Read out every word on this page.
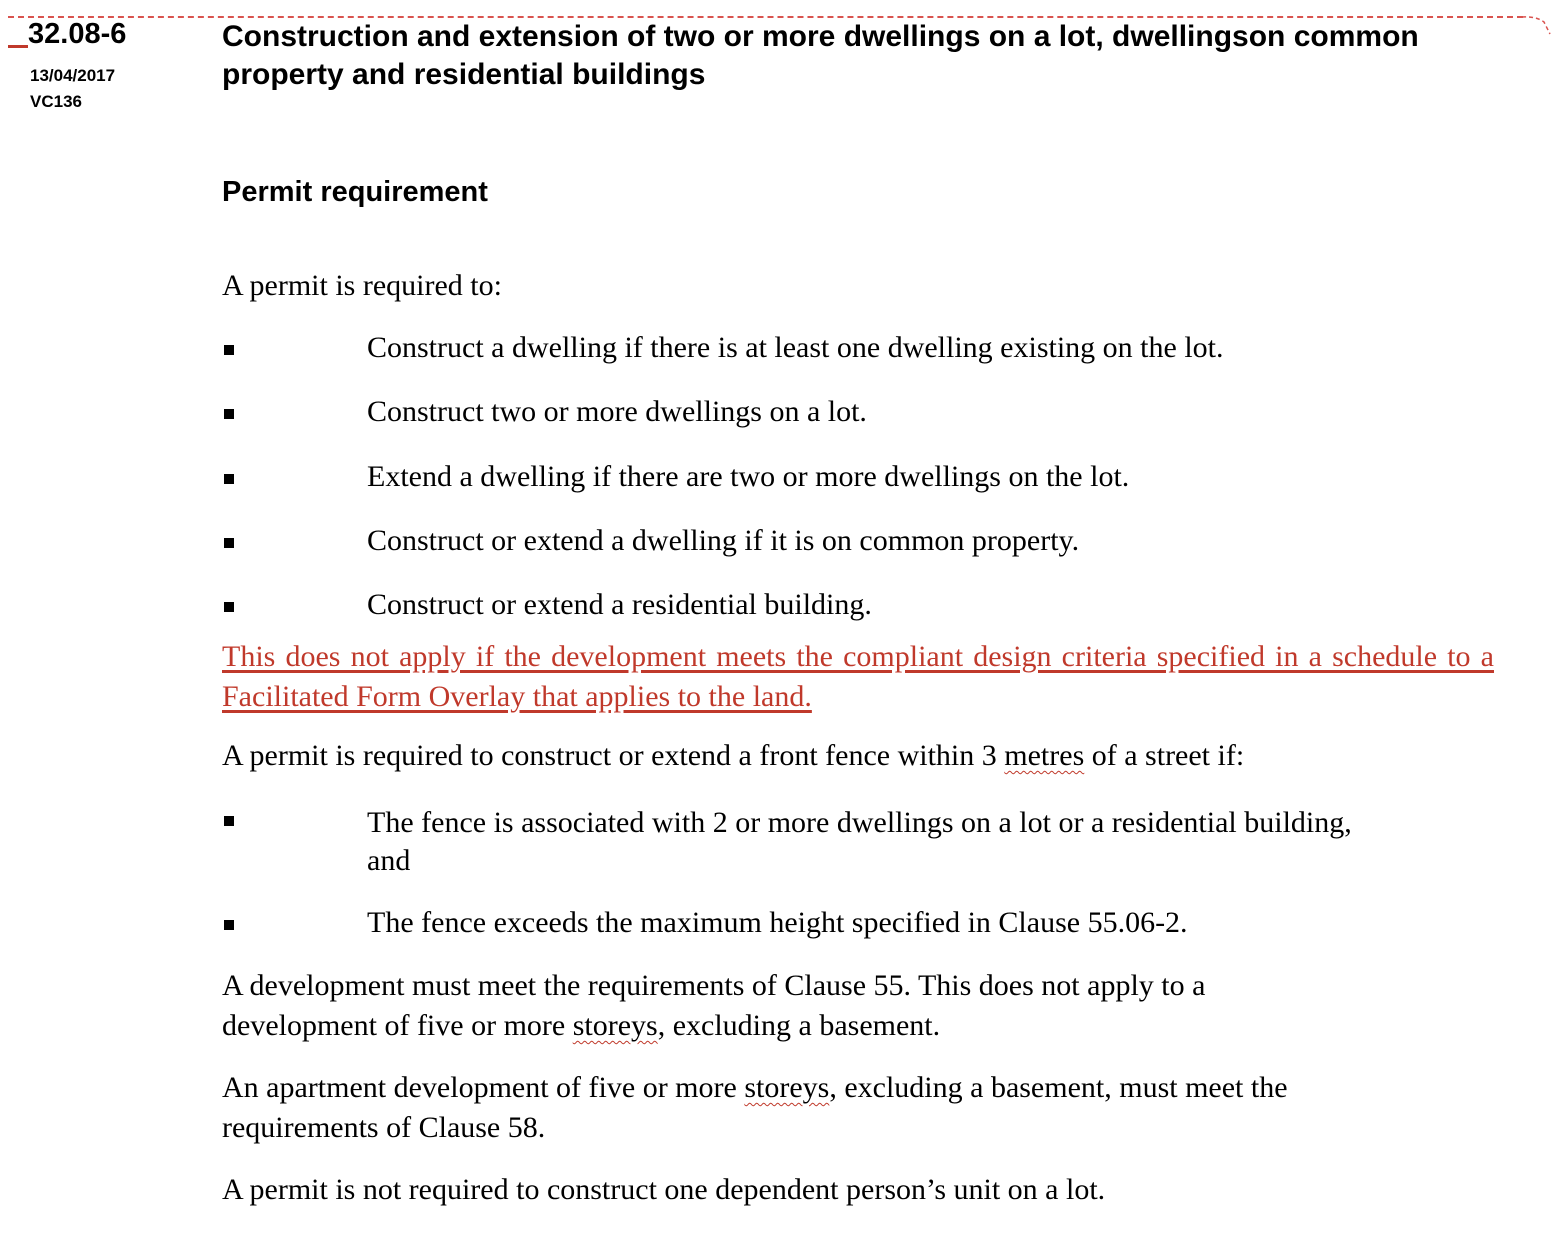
32.08-6
13/04/2017
VC136
Construction and extension of two or more dwellings on a lot, dwellingson common property and residential buildings
Permit requirement

A permit is required to:

Construct a dwelling if there is at least one dwelling existing on the lot.

Construct two or more dwellings on a lot.

Extend a dwelling if there are two or more dwellings on the lot.

Construct or extend a dwelling if it is on common property.

Construct or extend a residential building.

This does not apply if the development meets the compliant design criteria specified in a schedule to a Facilitated Form Overlay that applies to the land.

A permit is required to construct or extend a front fence within 3 metres of a street if:

The fence is associated with 2 or more dwellings on a lot or a residential building, and

The fence exceeds the maximum height specified in Clause 55.06-2.

A development must meet the requirements of Clause 55. This does not apply to a development of five or more storeys, excluding a basement.

An apartment development of five or more storeys, excluding a basement, must meet the requirements of Clause 58.

A permit is not required to construct one dependent person’s unit on a lot.
